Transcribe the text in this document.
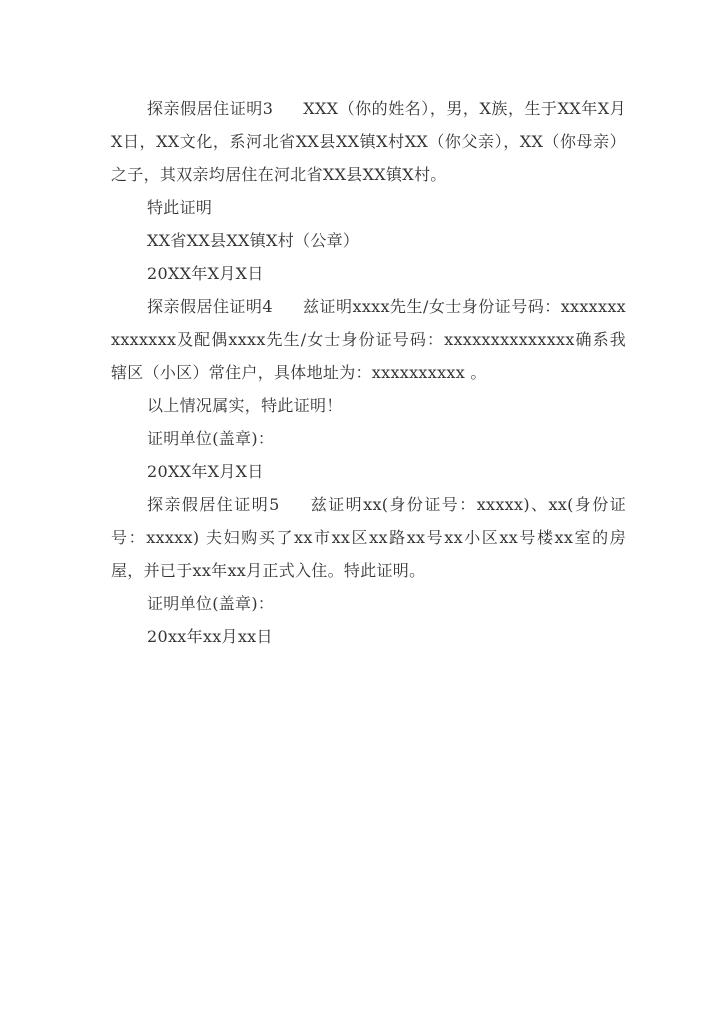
探亲假居住证明3 XXX（你的姓名），男，X族，生于XX年X月X日，XX文化，系河北省XX县XX镇X村XX（你父亲），XX（你母亲）之子，其双亲均居住在河北省XX县XX镇X村。

特此证明

XX省XX县XX镇X村（公章）

20XX年X月X日

探亲假居住证明4 兹证明xxxx先生/女士身份证号码：xxxxxxxxxxxxxx及配偶xxxx先生/女士身份证号码：xxxxxxxxxxxxxx确系我辖区（小区）常住户，具体地址为：xxxxxxxxxx 。

以上情况属实，特此证明！

证明单位(盖章)：

20XX年X月X日

探亲假居住证明5 兹证明xx(身份证号：xxxxx)、xx(身份证号：xxxxx) 夫妇购买了xx市xx区xx路xx号xx小区xx号楼xx室的房屋，并已于xx年xx月正式入住。特此证明。

证明单位(盖章)：

20xx年xx月xx日
